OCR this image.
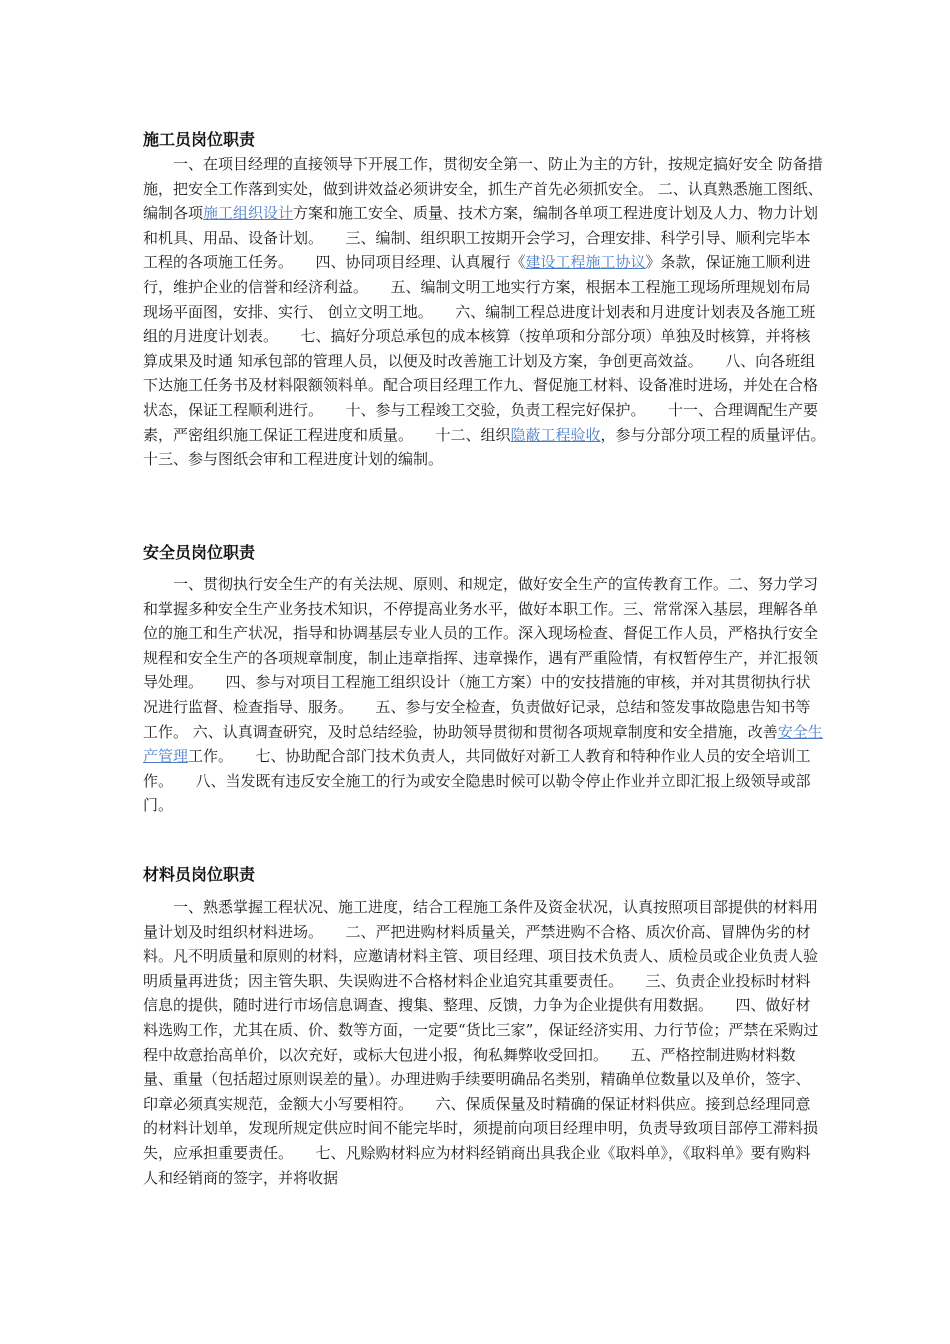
施工员岗位职责

一、在项目经理的直接领导下开展工作，贯彻安全第一、防止为主的方针，按规定搞好安全 防备措施，把安全工作落到实处，做到讲效益必须讲安全，抓生产首先必须抓安全。 二、认真熟悉施工图纸、编制各项施工组织设计方案和施工安全、质量、技术方案，编制各单项工程进度计划及人力、物力计划和机具、用品、设备计划。　　三、编制、组织职工按期开会学习，合理安排、科学引导、顺利完毕本工程的各项施工任务。　　四、协同项目经理、认真履行《建设工程施工协议》条款，保证施工顺利进行，维护企业的信誉和经济利益。　　五、编制文明工地实行方案，根据本工程施工现场所理规划布局现场平面图，安排、实行、 创立文明工地。　　六、编制工程总进度计划表和月进度计划表及各施工班组的月进度计划表。　　七、搞好分项总承包的成本核算（按单项和分部分项）单独及时核算，并将核算成果及时通 知承包部的管理人员，以便及时改善施工计划及方案，争创更高效益。　　八、向各班组下达施工任务书及材料限额领料单。配合项目经理工作九、督促施工材料、设备准时进场，并处在合格状态，保证工程顺利进行。　　十、参与工程竣工交验，负责工程完好保护。　　十一、合理调配生产要素，严密组织施工保证工程进度和质量。　　十二、组织隐蔽工程验收，参与分部分项工程的质量评估。　　十三、参与图纸会审和工程进度计划的编制。

安全员岗位职责

一、贯彻执行安全生产的有关法规、原则、和规定，做好安全生产的宣传教育工作。二、努力学习和掌握多种安全生产业务技术知识，不停提高业务水平，做好本职工作。三、常常深入基层，理解各单位的施工和生产状况，指导和协调基层专业人员的工作。深入现场检查、督促工作人员，严格执行安全规程和安全生产的各项规章制度，制止违章指挥、违章操作，遇有严重险情，有权暂停生产，并汇报领导处理。　　四、参与对项目工程施工组织设计（施工方案）中的安技措施的审核，并对其贯彻执行状况进行监督、检查指导、服务。　　五、参与安全检查，负责做好记录，总结和签发事故隐患告知书等工作。 六、认真调查研究，及时总结经验，协助领导贯彻和贯彻各项规章制度和安全措施，改善安全生产管理工作。　　七、协助配合部门技术负责人，共同做好对新工人教育和特种作业人员的安全培训工作。　　八、当发既有违反安全施工的行为或安全隐患时候可以勒令停止作业并立即汇报上级领导或部门。

材料员岗位职责

一、熟悉掌握工程状况、施工进度，结合工程施工条件及资金状况，认真按照项目部提供的材料用量计划及时组织材料进场。　　二、严把进购材料质量关，严禁进购不合格、质次价高、冒牌伪劣的材料。凡不明质量和原则的材料，应邀请材料主管、项目经理、项目技术负责人、质检员或企业负责人验明质量再进货；因主管失职、失误购进不合格材料企业追究其重要责任。　　三、负责企业投标时材料信息的提供，随时进行市场信息调查、搜集、整理、反馈，力争为企业提供有用数据。　　四、做好材料选购工作，尤其在质、价、数等方面，一定要“货比三家”，保证经济实用、力行节俭；严禁在采购过程中故意抬高单价，以次充好，或标大包进小报，徇私舞弊收受回扣。　　五、严格控制进购材料数量、重量（包括超过原则误差的量）。办理进购手续要明确品名类别，精确单位数量以及单价，签字、印章必须真实规范，金额大小写要相符。　　六、保质保量及时精确的保证材料供应。接到总经理同意的材料计划单，发现所规定供应时间不能完毕时，须提前向项目经理申明，负责导致项目部停工滞料损失，应承担重要责任。　　七、凡赊购材料应为材料经销商出具我企业《取料单》，《取料单》要有购料人和经销商的签字，并将收据
